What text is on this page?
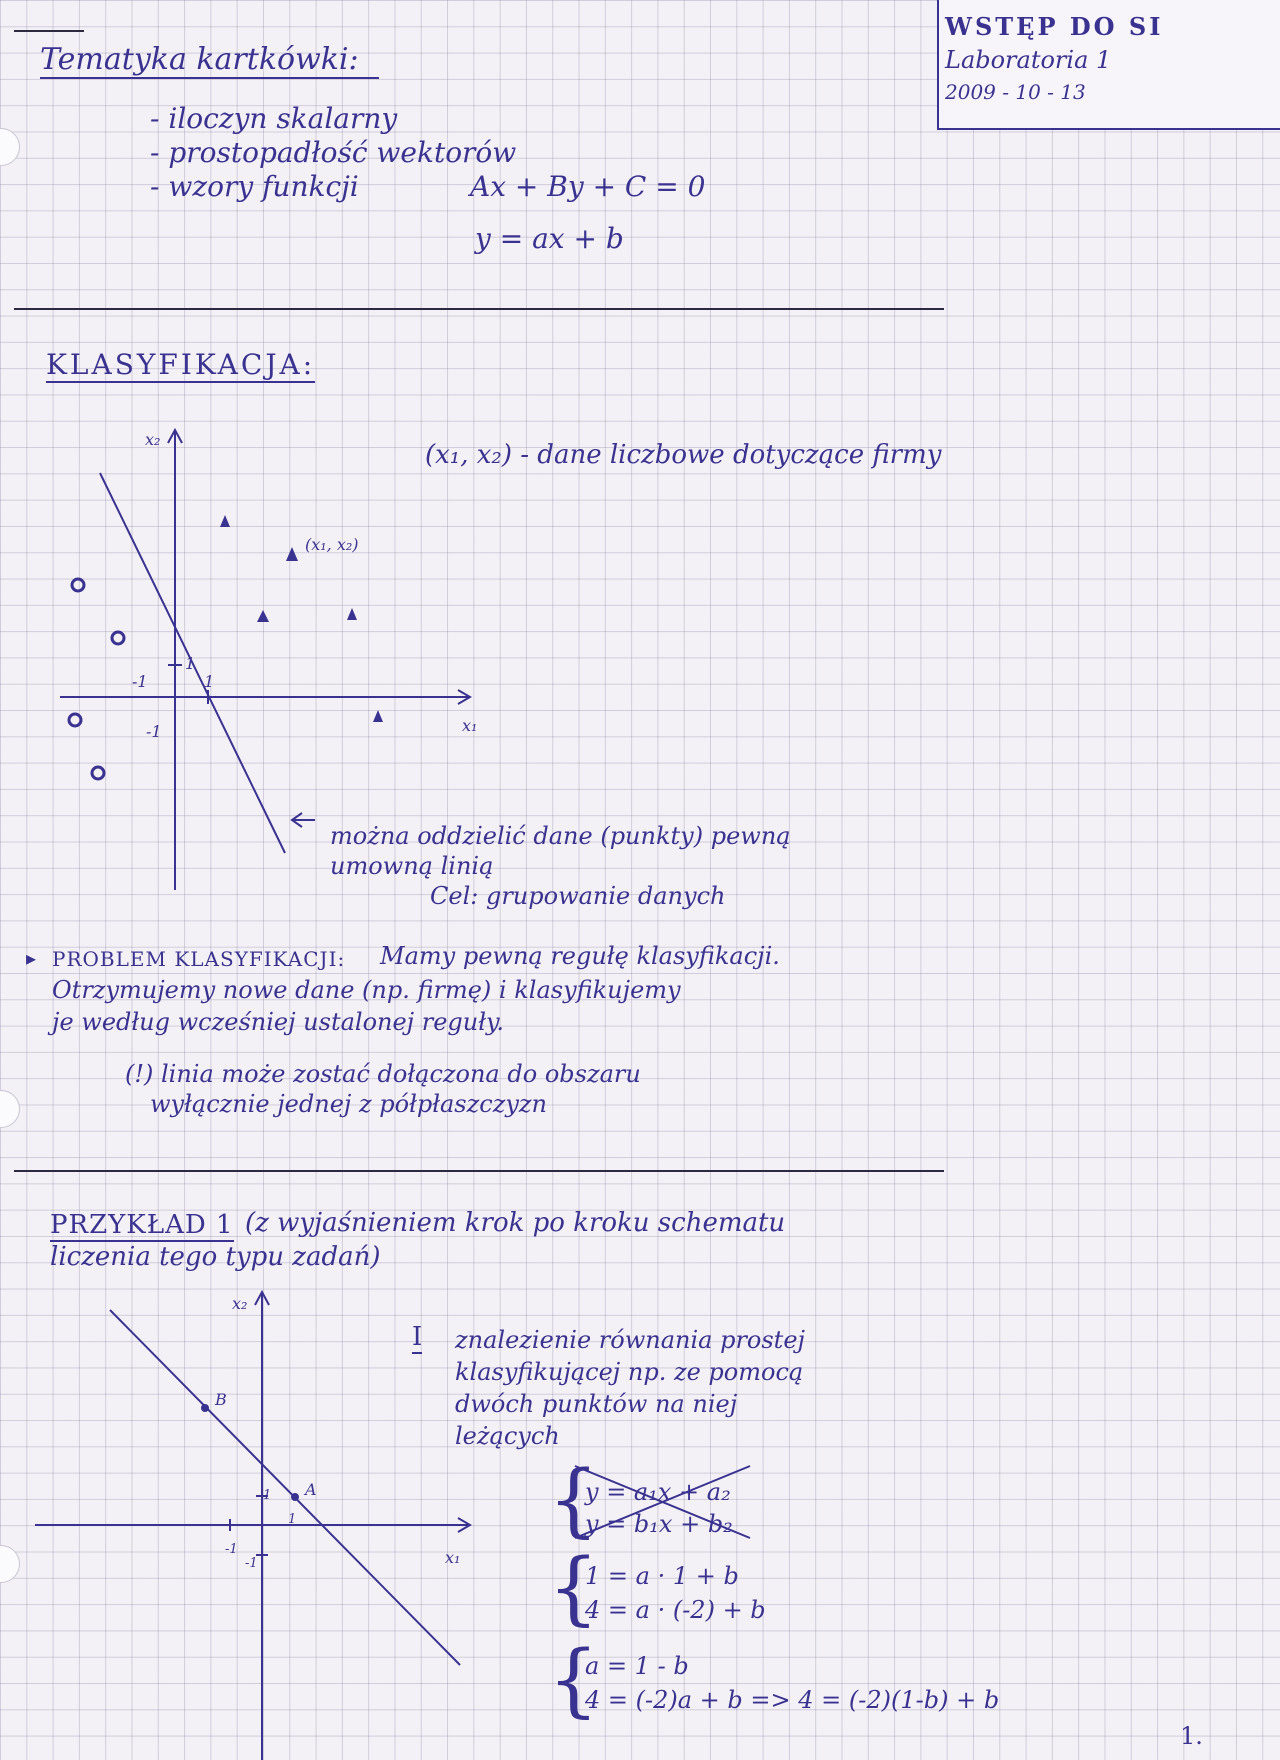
WSTĘP DO SI
Laboratoria 1
2009 - 10 - 13
Tematyka kartkówki:
- iloczyn skalarny
- prostopadłość wektorów
- wzory funkcji	Ax + By + C = 0
y = ax + b
KLASYFIKACJA:
(x₁, x₂) - dane liczbowe dotyczące firmy
x₂
x₁
(x₁, x₂)
1
1
-1
-1
można oddzielić dane (punkty) pewną
umowną linią
Cel: grupowanie danych
▸ PROBLEM KLASYFIKACJI: Mamy pewną regułę klasyfikacji.
Otrzymujemy nowe dane (np. firmę) i klasyfikujemy
je według wcześniej ustalonej reguły.
(!) linia może zostać dołączona do obszaru
wyłącznie jednej z półpłaszczyzn
PRZYKŁAD 1 (z wyjaśnieniem krok po kroku schematu
liczenia tego typu zadań)
x₂
x₁
A
B
1
1
-1
-1
I znalezienie równania prostej
klasyfikującej np. ze pomocą
dwóch punktów na niej
leżących
{
y = a₁x + a₂
y = b₁x + b₂
{
1 = a · 1 + b
4 = a · (-2) + b
{
a = 1 - b
4 = (-2)a + b => 4 = (-2)(1-b) + b
1.
